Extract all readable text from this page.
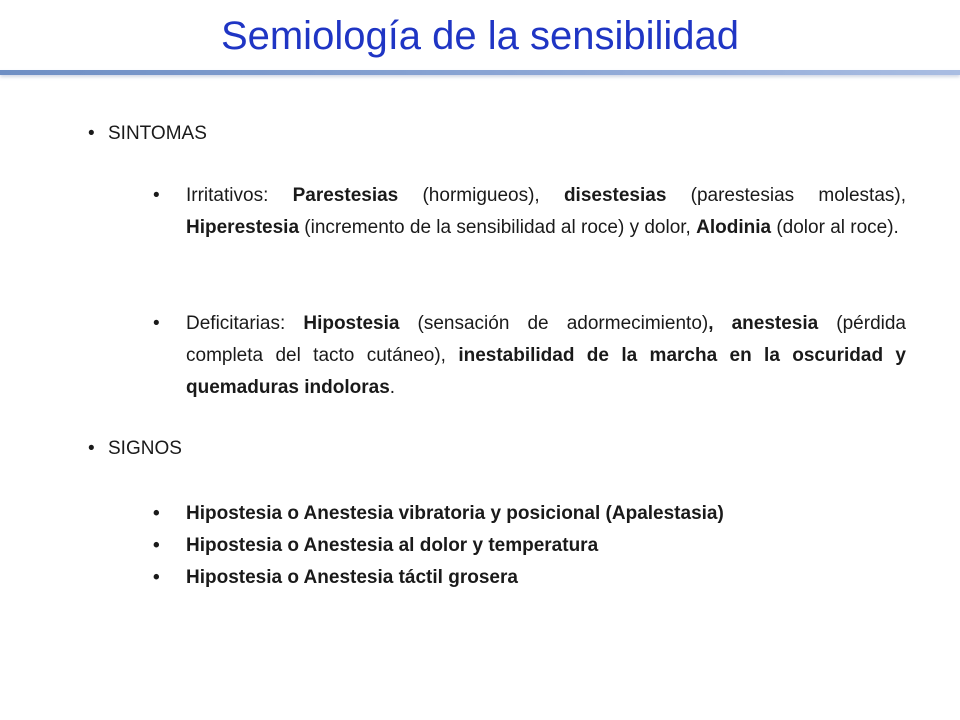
Semiología de la sensibilidad
• SINTOMAS
• Irritativos: Parestesias (hormigueos), disestesias (parestesias molestas), Hiperestesia (incremento de la sensibilidad al roce) y dolor, Alodinia (dolor al roce).
• Deficitarias: Hipostesia (sensación de adormecimiento), anestesia (pérdida completa del tacto cutáneo), inestabilidad de la marcha en la oscuridad y quemaduras indoloras.
• SIGNOS
• Hipostesia o Anestesia vibratoria y posicional (Apalestasia)
• Hipostesia o Anestesia al dolor y temperatura
• Hipostesia o Anestesia táctil grosera
